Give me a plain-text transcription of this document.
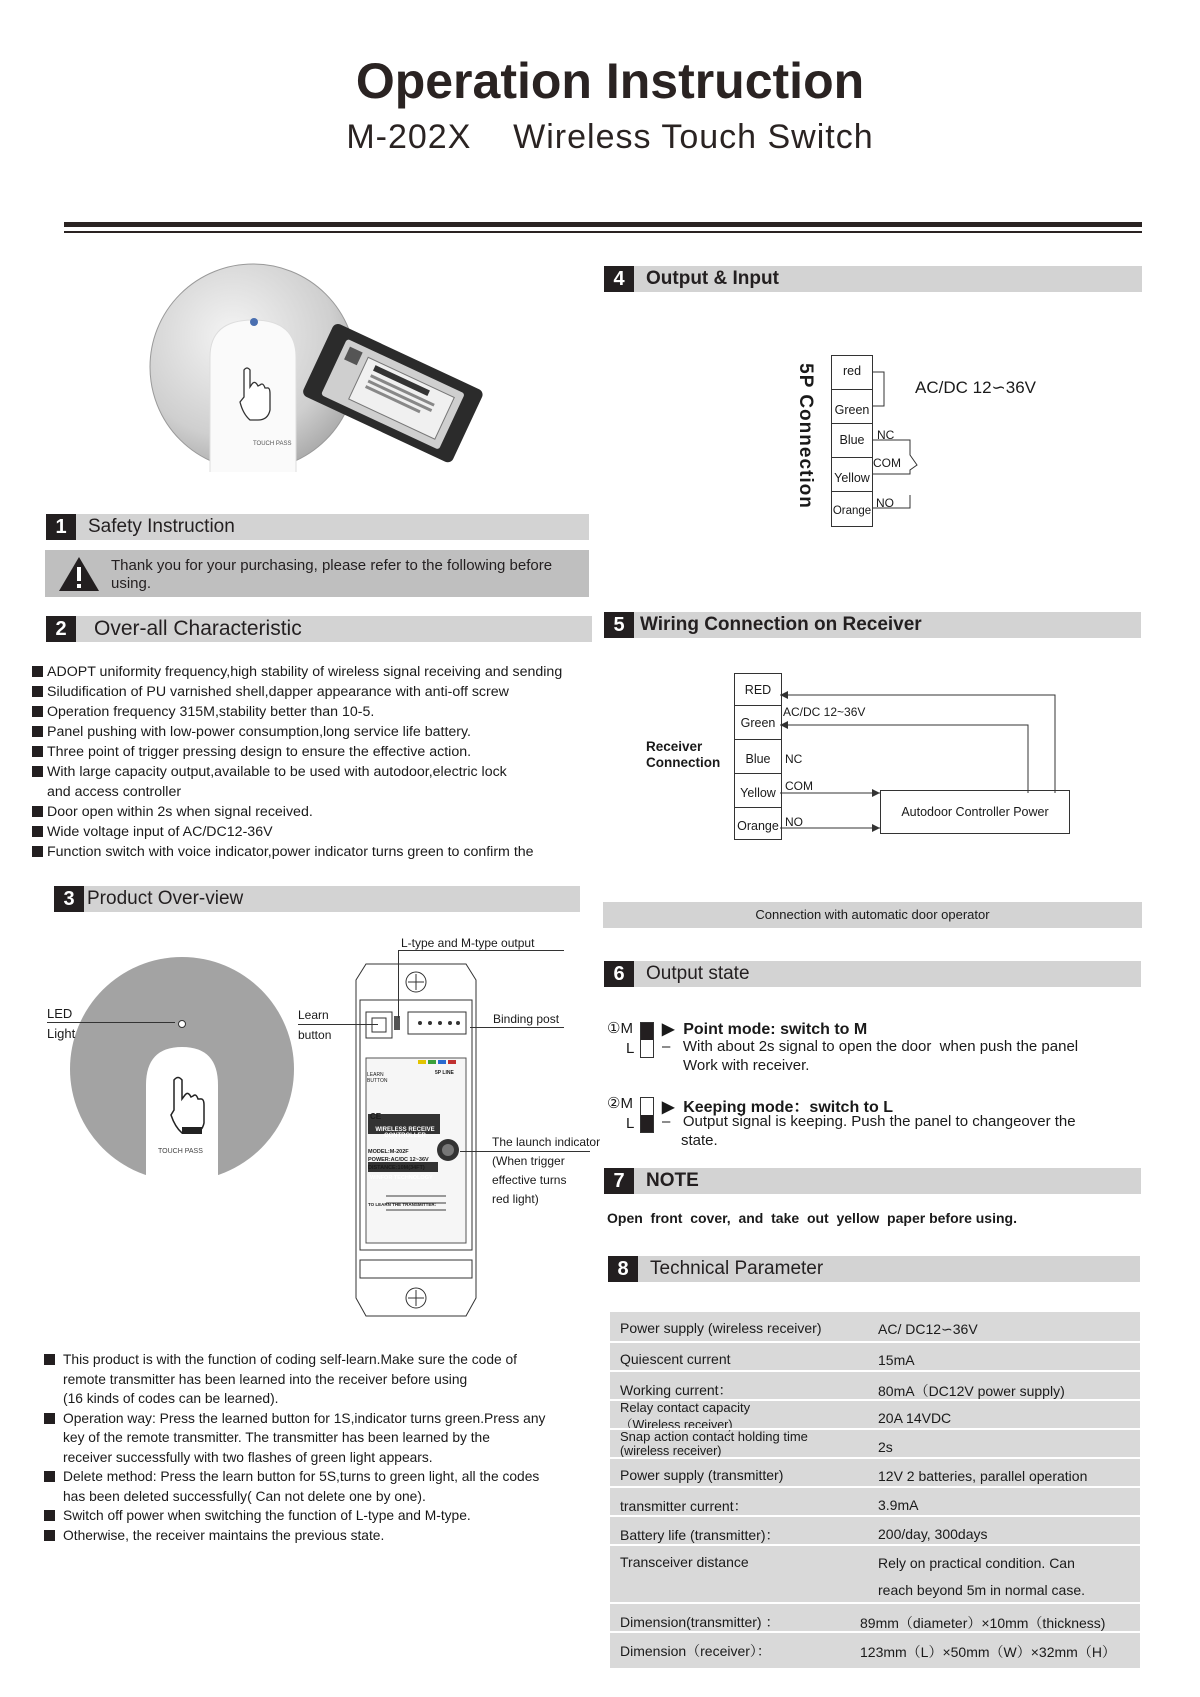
Operation Instruction
M-202X    Wireless Touch Switch
TOUCH PASS
1	Safety Instruction
Thank you for your purchasing, please refer to the following before using.
2	Over-all Characteristic
ADOPT uniformity frequency,high stability of wireless signal receiving and sending
Siludification of PU varnished shell,dapper appearance with anti-off screw
Operation frequency 315M,stability better than 10-5.
Panel pushing with low-power consumption,long service life battery.
Three point of trigger pressing design to ensure the effective action.
With large capacity output,available to be used with autodoor,electric lock
Door open within 2s when signal received.
Wide voltage input of AC/DC12-36V
Function switch with voice indicator,power indicator turns green to confirm the
and access controller
3 Product Over-view
LED
Light
TOUCH PASS
LEARN BUTTON
5P LINE
CE
WIRELESS RECEIVE CONTROLLER
MODEL:M-202F
POWER:AC/DC 12~36V
DISTANCE:10M(34FT)
WINFOR TECHNOLOGY
TO LEARN THE TRANSMITTER:
L-type and M-type output
Learn
button
Binding post
The launch indicator
(When trigger
effective turns
red light)
This product is with the function of coding self-learn.Make sure the code of
remote transmitter has been learned into the receiver before using
(16 kinds of codes can be learned).
Operation way: Press the learned button for 1S,indicator turns green.Press any
key of the remote transmitter. The transmitter has been learned by the
receiver successfully with two flashes of green light appears.
Delete method: Press the learn button for 5S,turns to green light, all the codes
has been deleted successfully( Can not delete one by one).
Switch off power when switching the function of L-type and M-type.
Otherwise, the receiver maintains the previous state.
4	Output & Input
5P Connection	red
Green
Blue
Yellow
Orange
AC/DC 12∽36V
NC
COM
NO
5 Wiring Connection on Receiver
Receiver
Connection
RED
Green
Blue
Yellow
Orange
AC/DC 12~36V
NC
COM
NO
Autodoor Controller Power
Connection with automatic door operator
6	Output state
①M
L
▶  Point mode: switch to M
–   With about 2s signal to open the door  when push the panel
Work with receiver.
②M
L
▶  Keeping mode：switch to L
–   Output signal is keeping. Push the panel to changeover the
state.
7	NOTE
Open  front  cover,  and  take  out  yellow  paper before using.
8	Technical Parameter
Power supply (wireless receiver)	AC/ DC12∽36V
Quiescent current	15mA
Working current：	80mA（DC12V power supply)
Relay contact capacity
（Wireless receiver)	20A 14VDC
Snap action contact holding time
(wireless receiver)	2s
Power supply (transmitter)	12V 2 batteries, parallel operation
transmitter current：	3.9mA
Battery life (transmitter)：	200/day, 300days
Transceiver distance	Rely on practical condition. Can
reach beyond 5m in normal case.
Dimension(transmitter) ：	89mm（diameter）×10mm（thickness)
Dimension（receiver）：	123mm（L）×50mm（W）×32mm（H）
